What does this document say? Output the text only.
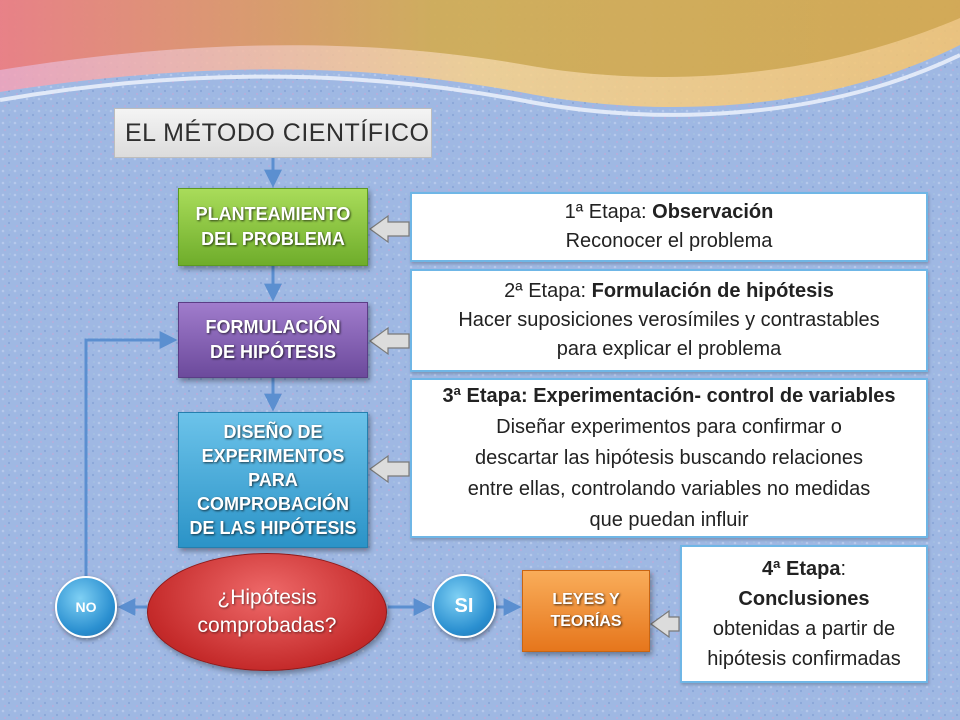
EL MÉTODO CIENTÍFICO
PLANTEAMIENTO
DEL PROBLEMA
FORMULACIÓN
DE HIPÓTESIS
DISEÑO DE
EXPERIMENTOS
PARA
COMPROBACIÓN
DE LAS HIPÓTESIS
1ª Etapa: Observación
Reconocer el problema
2ª Etapa: Formulación de hipótesis
Hacer suposiciones verosímiles y contrastables
para explicar el problema
3ª Etapa: Experimentación- control de variables
Diseñar experimentos para confirmar o
descartar las hipótesis buscando relaciones
entre ellas, controlando variables no medidas
que puedan influir
4ª Etapa:
Conclusiones
obtenidas a partir de
hipótesis confirmadas
¿Hipótesis
comprobadas?
NO	SI	LEYES Y
TEORÍAS
